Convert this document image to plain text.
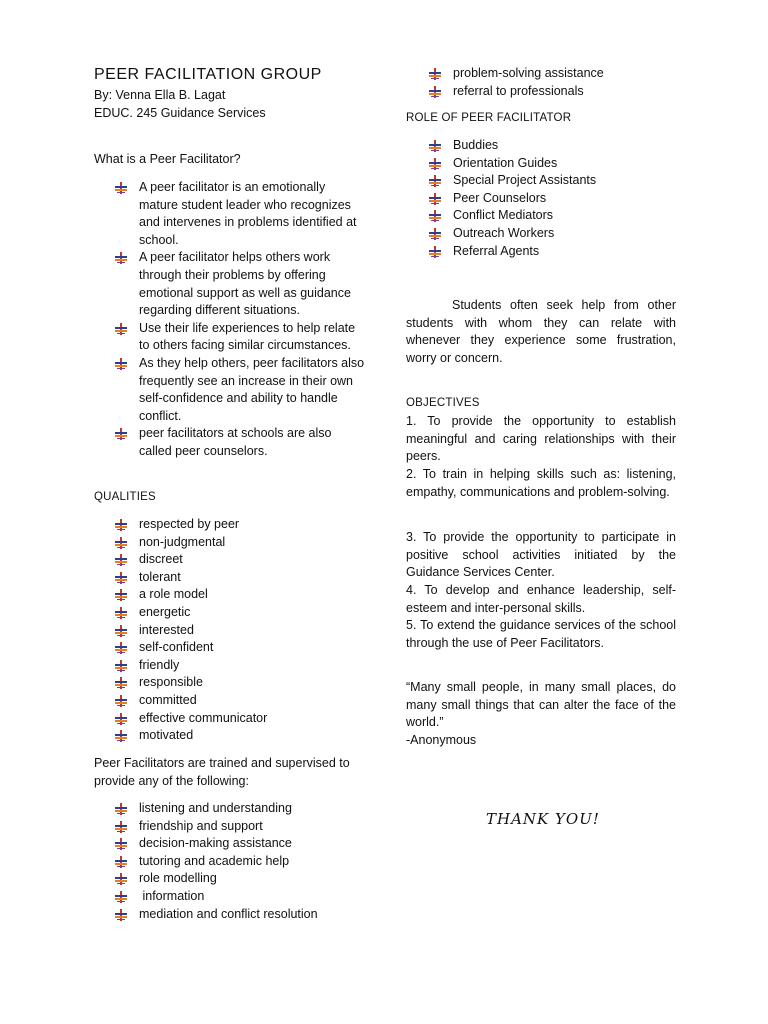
PEER FACILITATION GROUP
By: Venna Ella B. Lagat
EDUC. 245 Guidance Services
What is a Peer Facilitator?
A peer facilitator is an emotionally mature student leader who recognizes and intervenes in problems identified at school.
A peer facilitator helps others work through their problems by offering emotional support as well as guidance regarding different situations.
Use their life experiences to help relate to others facing similar circumstances.
As they help others, peer facilitators also frequently see an increase in their own self-confidence and ability to handle conflict.
peer facilitators at schools are also called peer counselors.
QUALITIES
respected by peer
non-judgmental
discreet
tolerant
a role model
energetic
interested
self-confident
friendly
responsible
committed
effective communicator
motivated
Peer Facilitators are trained and supervised to provide any of the following:
listening and understanding
friendship and support
decision-making assistance
tutoring and academic help
role modelling
information
mediation and conflict resolution
problem-solving assistance
referral to professionals
ROLE OF PEER FACILITATOR
Buddies
Orientation Guides
Special Project Assistants
Peer Counselors
Conflict Mediators
Outreach Workers
Referral Agents
Students often seek help from other students with whom they can relate with whenever they experience some frustration, worry or concern.
OBJECTIVES
1. To provide the opportunity to establish meaningful and caring relationships with their peers.
2. To train in helping skills such as: listening, empathy, communications and problem-solving.
3. To provide the opportunity to participate in positive school activities initiated by the Guidance Services Center.
4. To develop and enhance leadership, self-esteem and inter-personal skills.
5. To extend the guidance services of the school through the use of Peer Facilitators.
“Many small people, in many small places, do many small things that can alter the face of the world.”
-Anonymous
THANK YOU!
